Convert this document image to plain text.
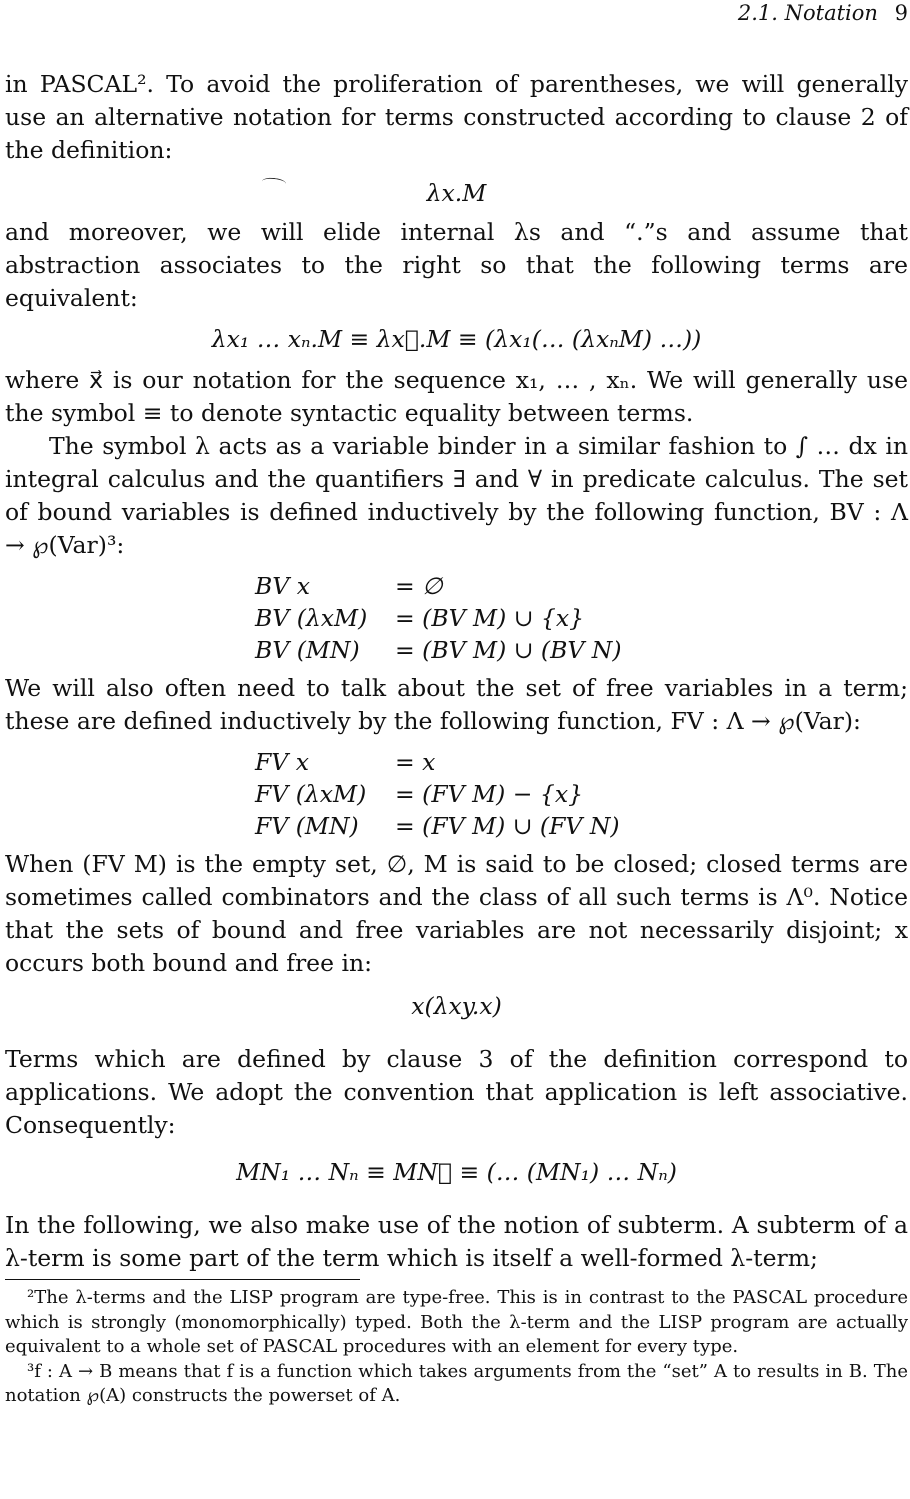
2.1. Notation 9

in PASCAL². To avoid the proliferation of parentheses, we will generally use an alternative notation for terms constructed according to clause 2 of the definition:

λx.M

and moreover, we will elide internal λs and “.”s and assume that abstraction associates to the right so that the following terms are equivalent:

λx₁ … xₙ.M ≡ λx⃗.M ≡ (λx₁(… (λxₙM) …))

where x⃗ is our notation for the sequence x₁, … , xₙ. We will generally use the symbol ≡ to denote syntactic equality between terms.

The symbol λ acts as a variable binder in a similar fashion to ∫ … dx in integral calculus and the quantifiers ∃ and ∀ in predicate calculus. The set of bound variables is defined inductively by the following function, BV : Λ → ℘(Var)³:

BV x	= ∅
BV (λxM)	= (BV M) ∪ {x}
BV (MN)	= (BV M) ∪ (BV N)

We will also often need to talk about the set of free variables in a term; these are defined inductively by the following function, FV : Λ → ℘(Var):

FV x	= x
FV (λxM)	= (FV M) − {x}
FV (MN)	= (FV M) ∪ (FV N)

When (FV M) is the empty set, ∅, M is said to be closed; closed terms are sometimes called combinators and the class of all such terms is Λ⁰. Notice that the sets of bound and free variables are not necessarily disjoint; x occurs both bound and free in:

x(λxy.x)

Terms which are defined by clause 3 of the definition correspond to applications. We adopt the convention that application is left associative. Consequently:

MN₁ … Nₙ ≡ MN⃗ ≡ (… (MN₁) … Nₙ)

In the following, we also make use of the notion of subterm. A subterm of a λ-term is some part of the term which is itself a well-formed λ-term;

²The λ-terms and the LISP program are type-free. This is in contrast to the PASCAL procedure which is strongly (monomorphically) typed. Both the λ-term and the LISP program are actually equivalent to a whole set of PASCAL procedures with an element for every type.

³f : A → B means that f is a function which takes arguments from the “set” A to results in B. The notation ℘(A) constructs the powerset of A.
